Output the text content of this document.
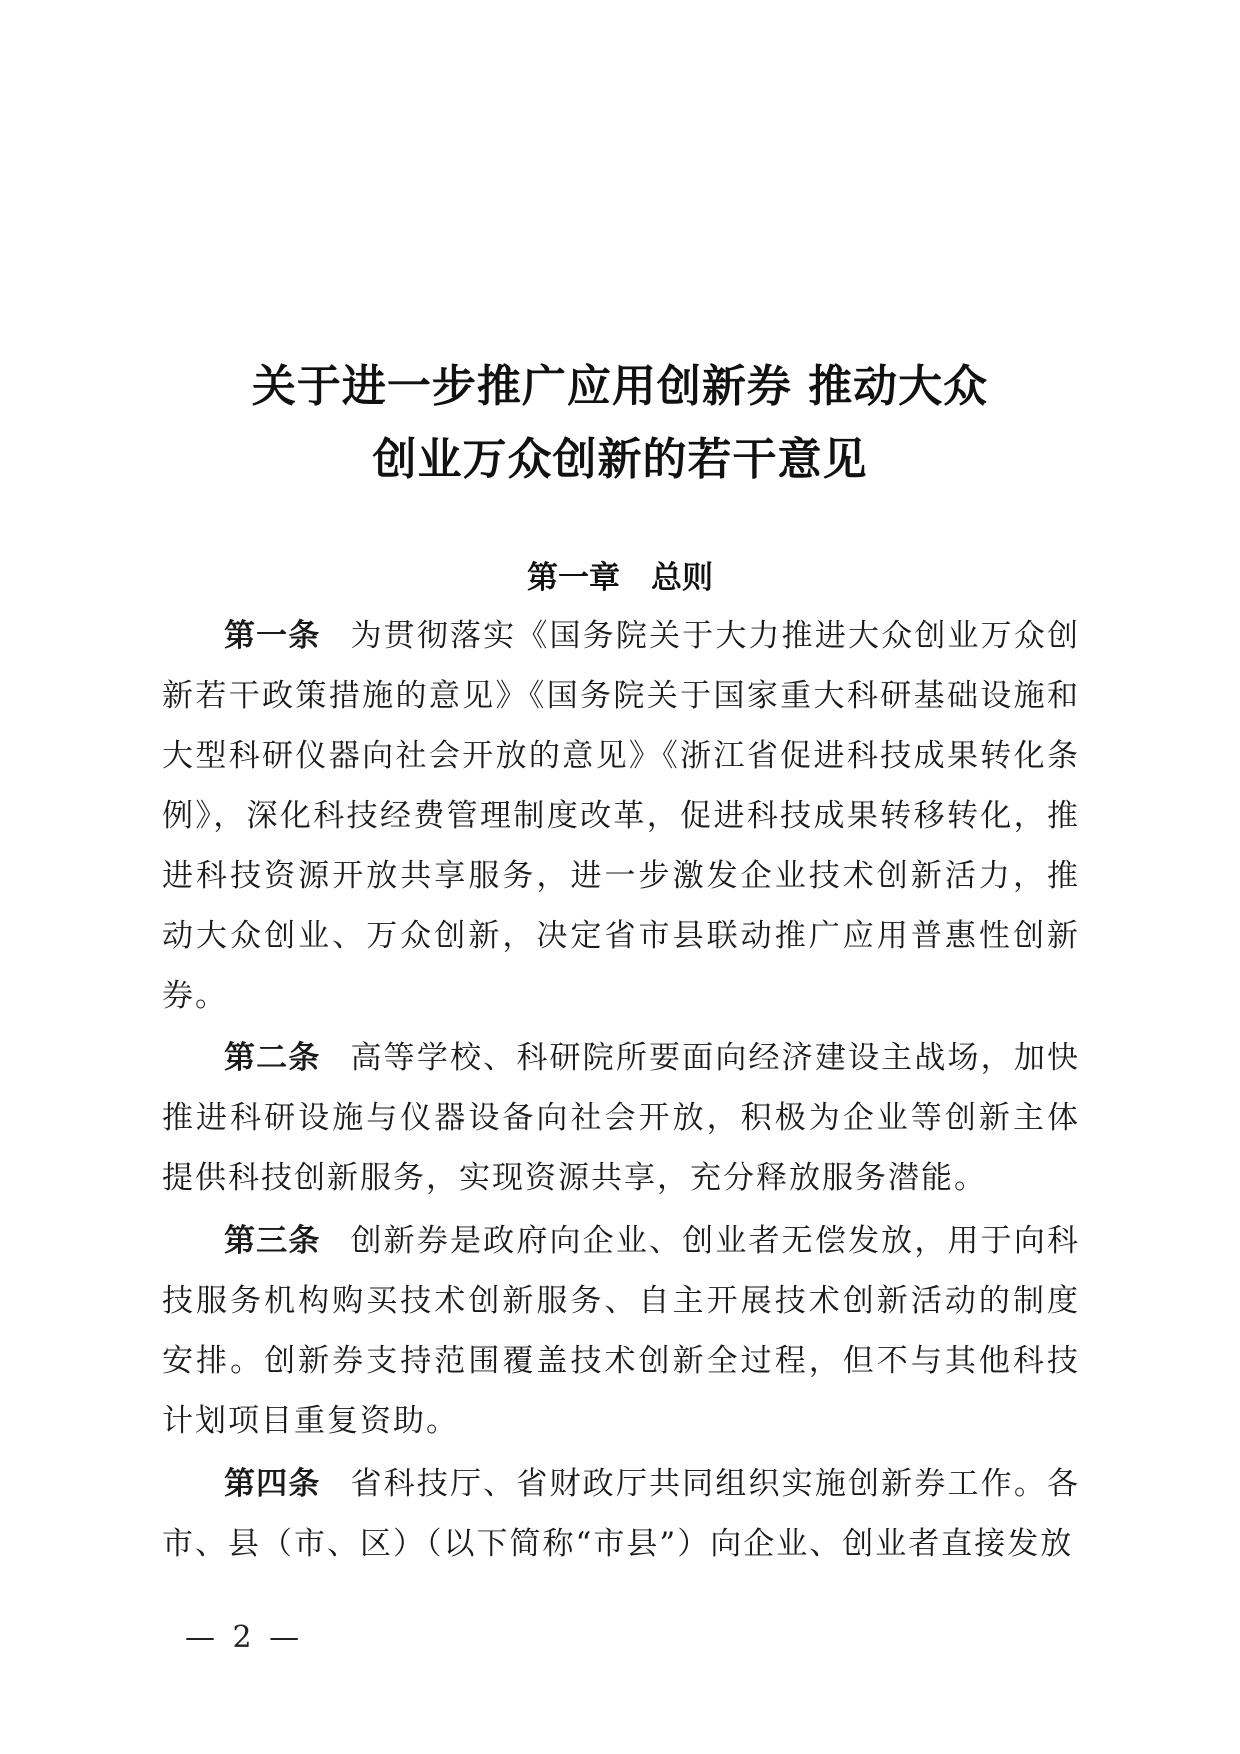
关于进一步推广应用创新券 推动大众
创业万众创新的若干意见
第一章　总则

第一条 为贯彻落实《国务院关于大力推进大众创业万众创新若干政策措施的意见》《国务院关于国家重大科研基础设施和大型科研仪器向社会开放的意见》《浙江省促进科技成果转化条例》，深化科技经费管理制度改革，促进科技成果转移转化，推进科技资源开放共享服务，进一步激发企业技术创新活力，推动大众创业、万众创新，决定省市县联动推广应用普惠性创新券。

第二条 高等学校、科研院所要面向经济建设主战场，加快推进科研设施与仪器设备向社会开放，积极为企业等创新主体提供科技创新服务，实现资源共享，充分释放服务潜能。

第三条 创新券是政府向企业、创业者无偿发放，用于向科技服务机构购买技术创新服务、自主开展技术创新活动的制度安排。创新券支持范围覆盖技术创新全过程，但不与其他科技计划项目重复资助。

第四条 省科技厅、省财政厅共同组织实施创新券工作。各市、县（市、区）（以下简称“市县”）向企业、创业者直接发放

— 2 —
